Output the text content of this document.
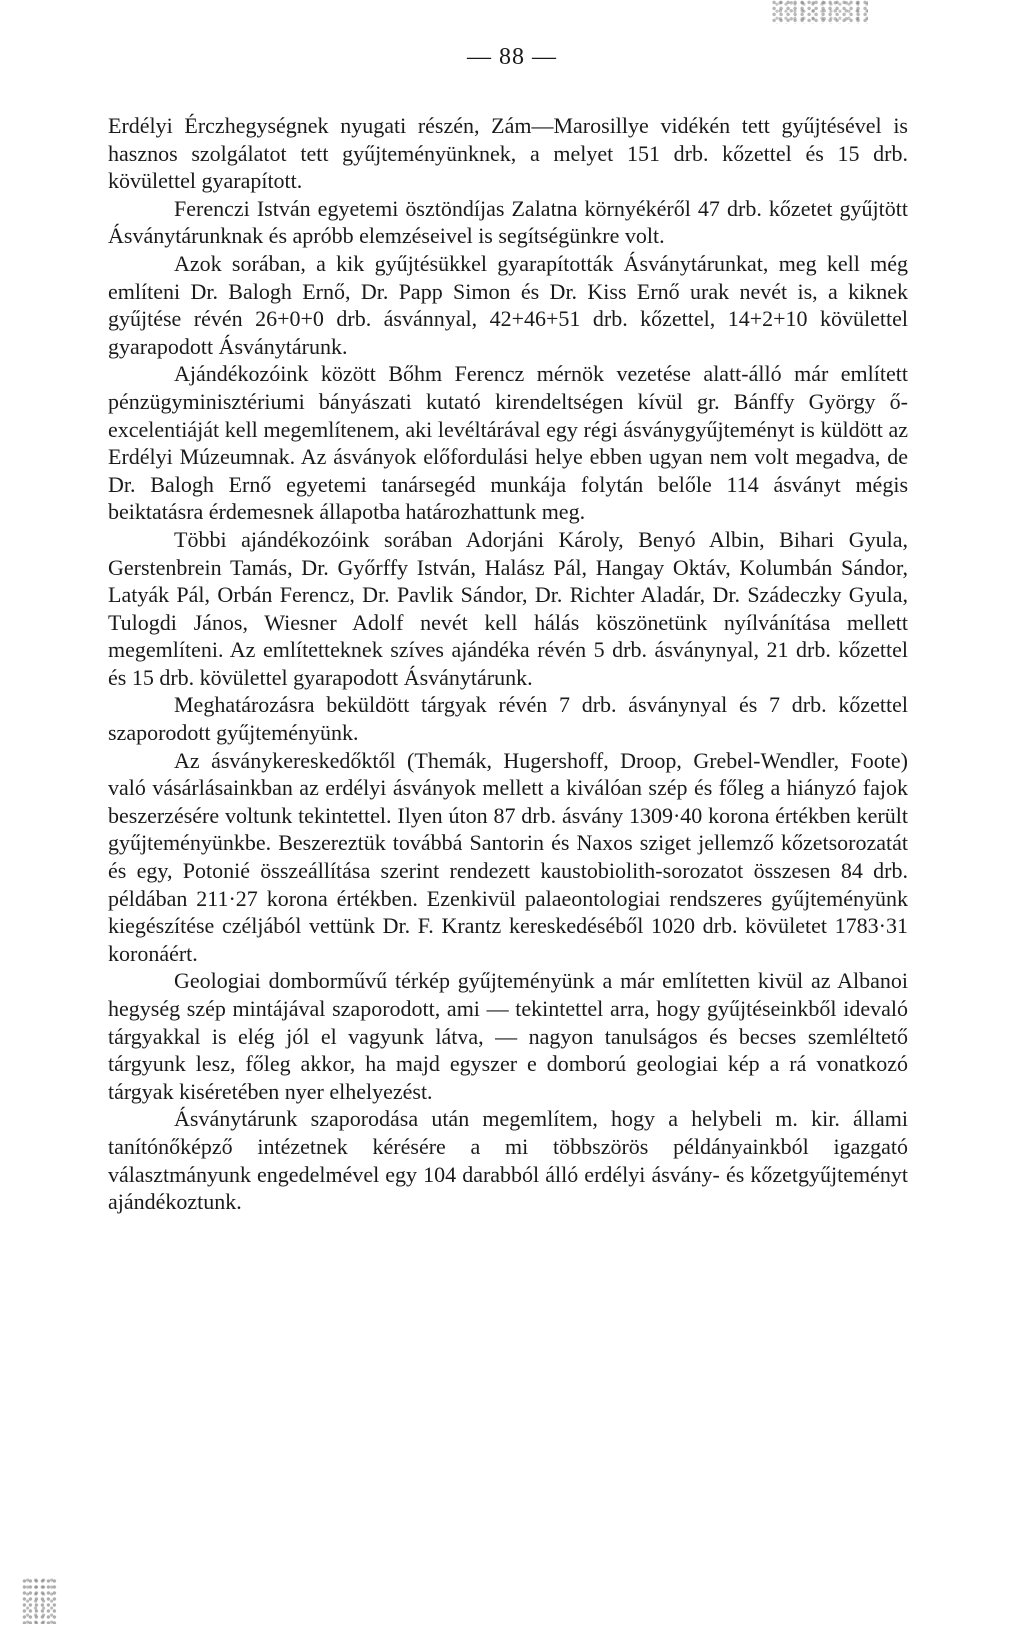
— 88 —

Erdélyi Érczhegységnek nyugati részén, Zám—Marosillye vidékén tett gyűjtésével is hasznos szolgálatot tett gyűjteményünknek, a melyet 151 drb. kőzettel és 15 drb. kövülettel gyarapított.

Ferenczi István egyetemi ösztöndíjas Zalatna környékéről 47 drb. kőzetet gyűjtött Ásványtárunknak és apróbb elemzéseivel is segítségünkre volt.

Azok sorában, a kik gyűjtésükkel gyarapították Ásványtárunkat, meg kell még említeni Dr. Balogh Ernő, Dr. Papp Simon és Dr. Kiss Ernő urak nevét is, a kiknek gyűjtése révén 26+0+0 drb. ásvánnyal, 42+46+51 drb. kőzettel, 14+2+10 kövülettel gyarapodott Ásványtárunk.

Ajándékozóink között Bőhm Ferencz mérnök vezetése alatt-álló már említett pénzügyminisztériumi bányászati kutató kirendeltségen kívül gr. Bánffy György ő-excelentiáját kell megemlítenem, aki levéltárával egy régi ásványgyűjteményt is küldött az Erdélyi Múzeumnak. Az ásványok előfordulási helye ebben ugyan nem volt megadva, de Dr. Balogh Ernő egyetemi tanársegéd munkája folytán belőle 114 ásványt mégis beiktatásra érdemesnek állapotba határozhattunk meg.

Többi ajándékozóink sorában Adorjáni Károly, Benyó Albin, Bihari Gyula, Gerstenbrein Tamás, Dr. Győrffy István, Halász Pál, Hangay Oktáv, Kolumbán Sándor, Latyák Pál, Orbán Ferencz, Dr. Pavlik Sándor, Dr. Richter Aladár, Dr. Szádeczky Gyula, Tulogdi János, Wiesner Adolf nevét kell hálás köszönetünk nyílvánítása mellett megemlíteni. Az említetteknek szíves ajándéka révén 5 drb. ásványnyal, 21 drb. kőzettel és 15 drb. kövülettel gyarapodott Ásványtárunk.

Meghatározásra beküldött tárgyak révén 7 drb. ásványnyal és 7 drb. kőzettel szaporodott gyűjteményünk.

Az ásványkereskedőktől (Themák, Hugershoff, Droop, Grebel-Wendler, Foote) való vásárlásainkban az erdélyi ásványok mellett a kiválóan szép és főleg a hiányzó fajok beszerzésére voltunk tekintettel. Ilyen úton 87 drb. ásvány 1309·40 korona értékben került gyűjteményünkbe. Beszereztük továbbá Santorin és Naxos sziget jellemző kőzetsorozatát és egy, Potonié összeállítása szerint rendezett kaustobiolith-sorozatot összesen 84 drb. példában 211·27 korona értékben. Ezenkivül palaeontologiai rendszeres gyűjteményünk kiegészítése czéljából vettünk Dr. F. Krantz kereskedéséből 1020 drb. kövületet 1783·31 koronáért.

Geologiai domborművű térkép gyűjteményünk a már említetten kivül az Albanoi hegység szép mintájával szaporodott, ami — tekintettel arra, hogy gyűjtéseinkből idevaló tárgyakkal is elég jól el vagyunk látva, — nagyon tanulságos és becses szemléltető tárgyunk lesz, főleg akkor, ha majd egyszer e domború geologiai kép a rá vonatkozó tárgyak kiséretében nyer elhelyezést.

Ásványtárunk szaporodása után megemlítem, hogy a helybeli m. kir. állami tanítónőképző intézetnek kérésére a mi többszörös példányainkból igazgató választmányunk engedelmével egy 104 darabból álló erdélyi ásvány- és kőzetgyűjteményt ajándékoztunk.
